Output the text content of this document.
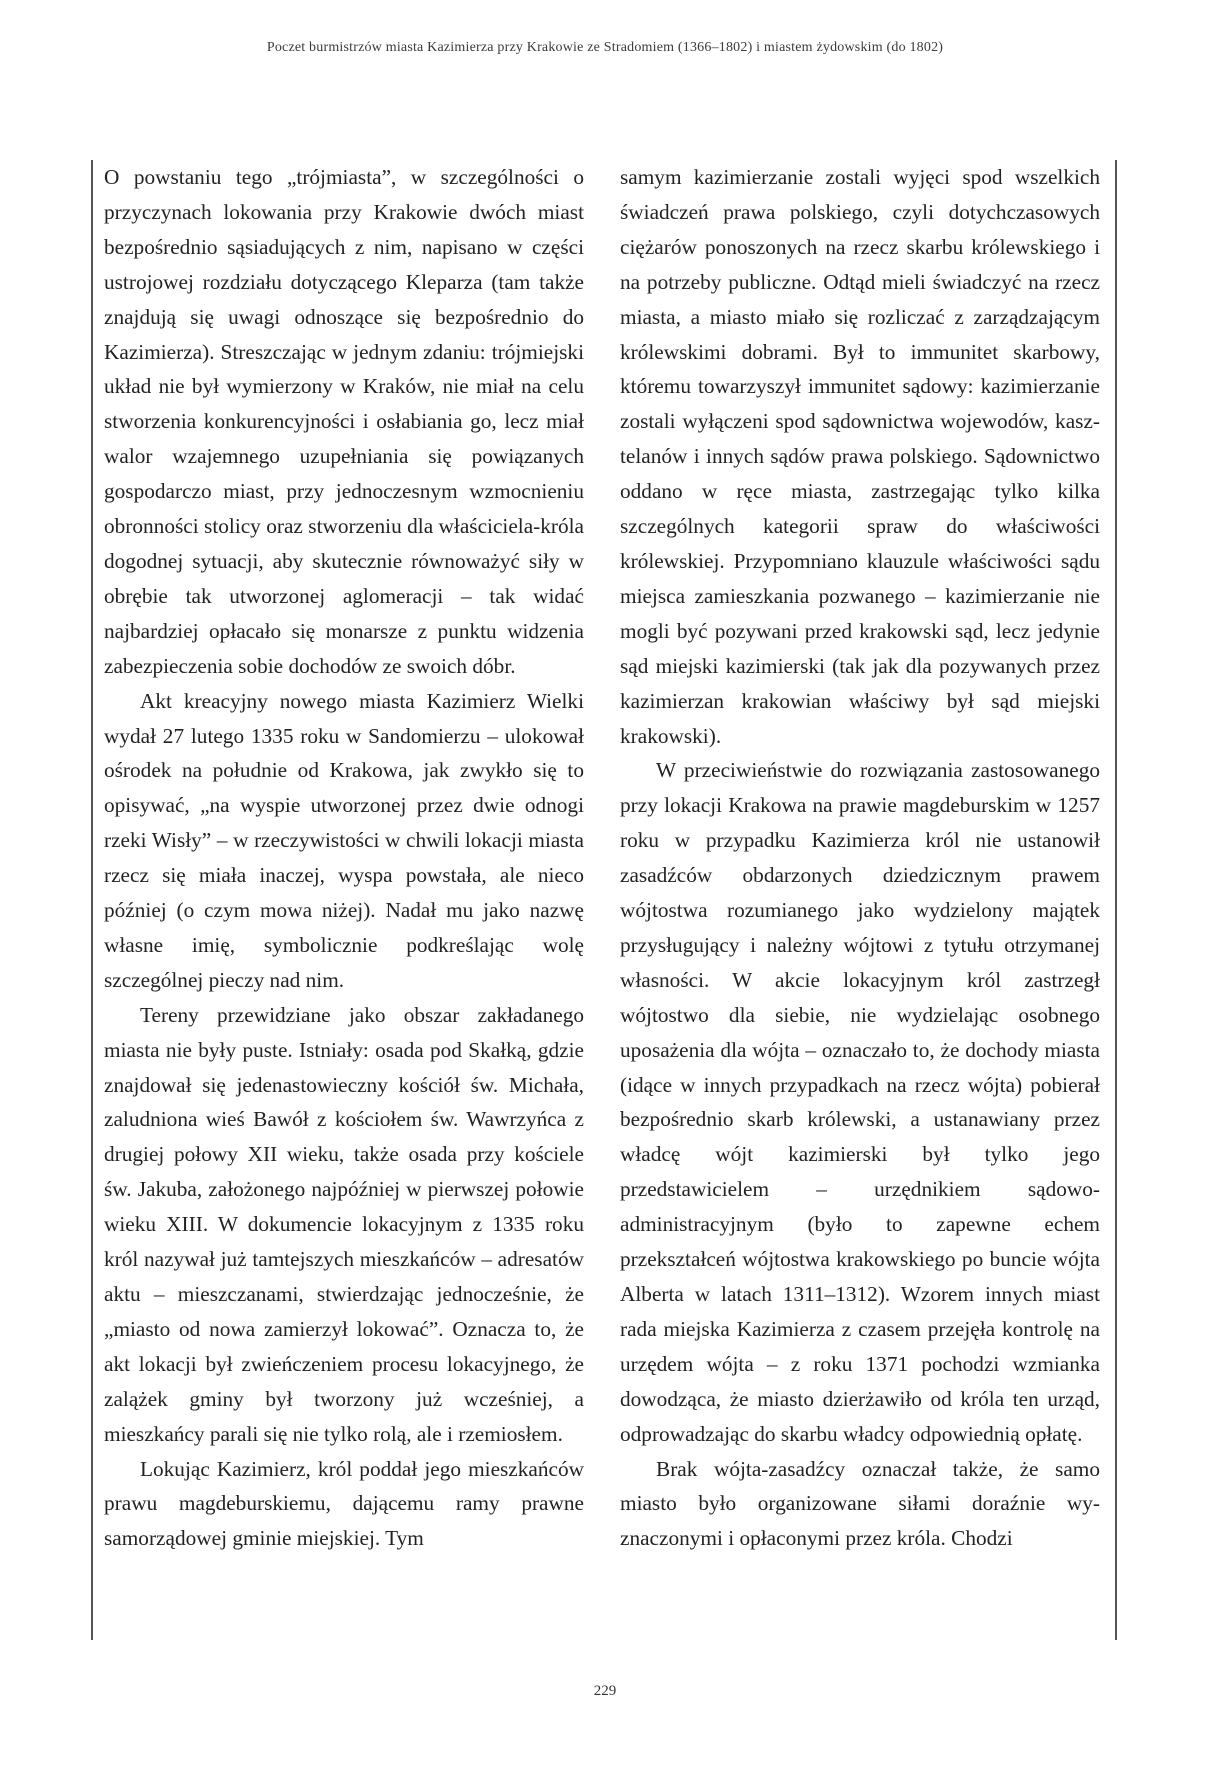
Poczet burmistrzów miasta Kazimierza przy Krakowie ze Stradomiem (1366–1802) i miastem żydowskim (do 1802)

O powstaniu tego „trójmiasta”, w szczególności o przyczynach lokowania przy Krakowie dwóch miast bezpośrednio sąsiadujących z nim, napisano w części ustrojowej rozdziału dotyczącego Kleparza (tam także znajdują się uwagi odnoszące się bezpośrednio do Kazimierza). Streszczając w jednym zdaniu: trójmiejski układ nie był wymierzony w Kraków, nie miał na celu stworzenia konkurencyjności i osłabiania go, lecz miał walor wzajemnego uzupełniania się powiązanych gospodarczo miast, przy jednoczesnym wzmocnieniu obronności stolicy oraz stworzeniu dla właściciela-króla dogodnej sytuacji, aby skutecznie równoważyć siły w obrębie tak utworzonej aglomeracji – tak widać najbardziej opłacało się monarsze z punktu widzenia zabezpieczenia sobie dochodów ze swoich dóbr.

Akt kreacyjny nowego miasta Kazimierz Wielki wydał 27 lutego 1335 roku w Sandomierzu – ulokował ośrodek na południe od Krakowa, jak zwykło się to opisywać, „na wyspie utworzonej przez dwie odnogi rzeki Wisły” – w rzeczywistości w chwili lokacji miasta rzecz się miała inaczej, wyspa powstała, ale nieco później (o czym mowa niżej). Nadał mu jako nazwę własne imię, symbolicznie podkreślając wolę szczególnej pieczy nad nim.

Tereny przewidziane jako obszar zakładanego miasta nie były puste. Istniały: osada pod Skałką, gdzie znajdował się jedenastowieczny kościół św. Michała, zaludniona wieś Bawół z kościołem św. Wawrzyńca z drugiej połowy XII wieku, także osada przy kościele św. Jakuba, założonego najpóźniej w pierwszej połowie wieku XIII. W dokumencie lokacyjnym z 1335 roku król nazywał już tamtejszych mieszkańców – adresatów aktu – mieszczanami, stwierdzając jednocześnie, że „miasto od nowa zamierzył lokować”. Oznacza to, że akt lokacji był zwieńczeniem procesu lokacyjnego, że zalążek gminy był tworzony już wcześniej, a mieszkańcy parali się nie tylko rolą, ale i rzemiosłem.

Lokując Kazimierz, król poddał jego mieszkańców prawu magdeburskiemu, dającemu ramy prawne samorządowej gminie miejskiej. Tym

samym kazimierzanie zostali wyjęci spod wszelkich świadczeń prawa polskiego, czyli dotychczasowych ciężarów ponoszonych na rzecz skarbu królewskiego i na potrzeby publiczne. Odtąd mieli świadczyć na rzecz miasta, a miasto miało się rozliczać z zarządzającym królewskimi dobrami. Był to immunitet skarbowy, któremu towarzyszył immunitet sądowy: kazimierzanie zostali wyłączeni spod sądownictwa wojewodów, kasztelanów i innych sądów prawa polskiego. Sądownictwo oddano w ręce miasta, zastrzegając tylko kilka szczególnych kategorii spraw do właściwości królewskiej. Przypomniano klauzule właściwości sądu miejsca zamieszkania pozwanego – kazimierzanie nie mogli być pozywani przed krakowski sąd, lecz jedynie sąd miejski kazimierski (tak jak dla pozywanych przez kazimierzan krakowian właściwy był sąd miejski krakowski).

W przeciwieństwie do rozwiązania zastosowanego przy lokacji Krakowa na prawie magdeburskim w 1257 roku w przypadku Kazimierza król nie ustanowił zasadźców obdarzonych dziedzicznym prawem wójtostwa rozumianego jako wydzielony majątek przysługujący i należny wójtowi z tytułu otrzymanej własności. W akcie lokacyjnym król zastrzegł wójtostwo dla siebie, nie wydzielając osobnego uposażenia dla wójta – oznaczało to, że dochody miasta (idące w innych przypadkach na rzecz wójta) pobierał bezpośrednio skarb królewski, a ustanawiany przez władcę wójt kazimierski był tylko jego przedstawicielem – urzędnikiem sądowo-administracyjnym (było to zapewne echem przekształceń wójtostwa krakowskiego po buncie wójta Alberta w latach 1311–1312). Wzorem innych miast rada miejska Kazimierza z czasem przejęła kontrolę na urzędem wójta – z roku 1371 pochodzi wzmianka dowodząca, że miasto dzierżawiło od króla ten urząd, odprowadzając do skarbu władcy odpowiednią opłatę.

Brak wójta-zasadźcy oznaczał także, że samo miasto było organizowane siłami doraźnie wyznaczonymi i opłaconymi przez króla. Chodzi

229
